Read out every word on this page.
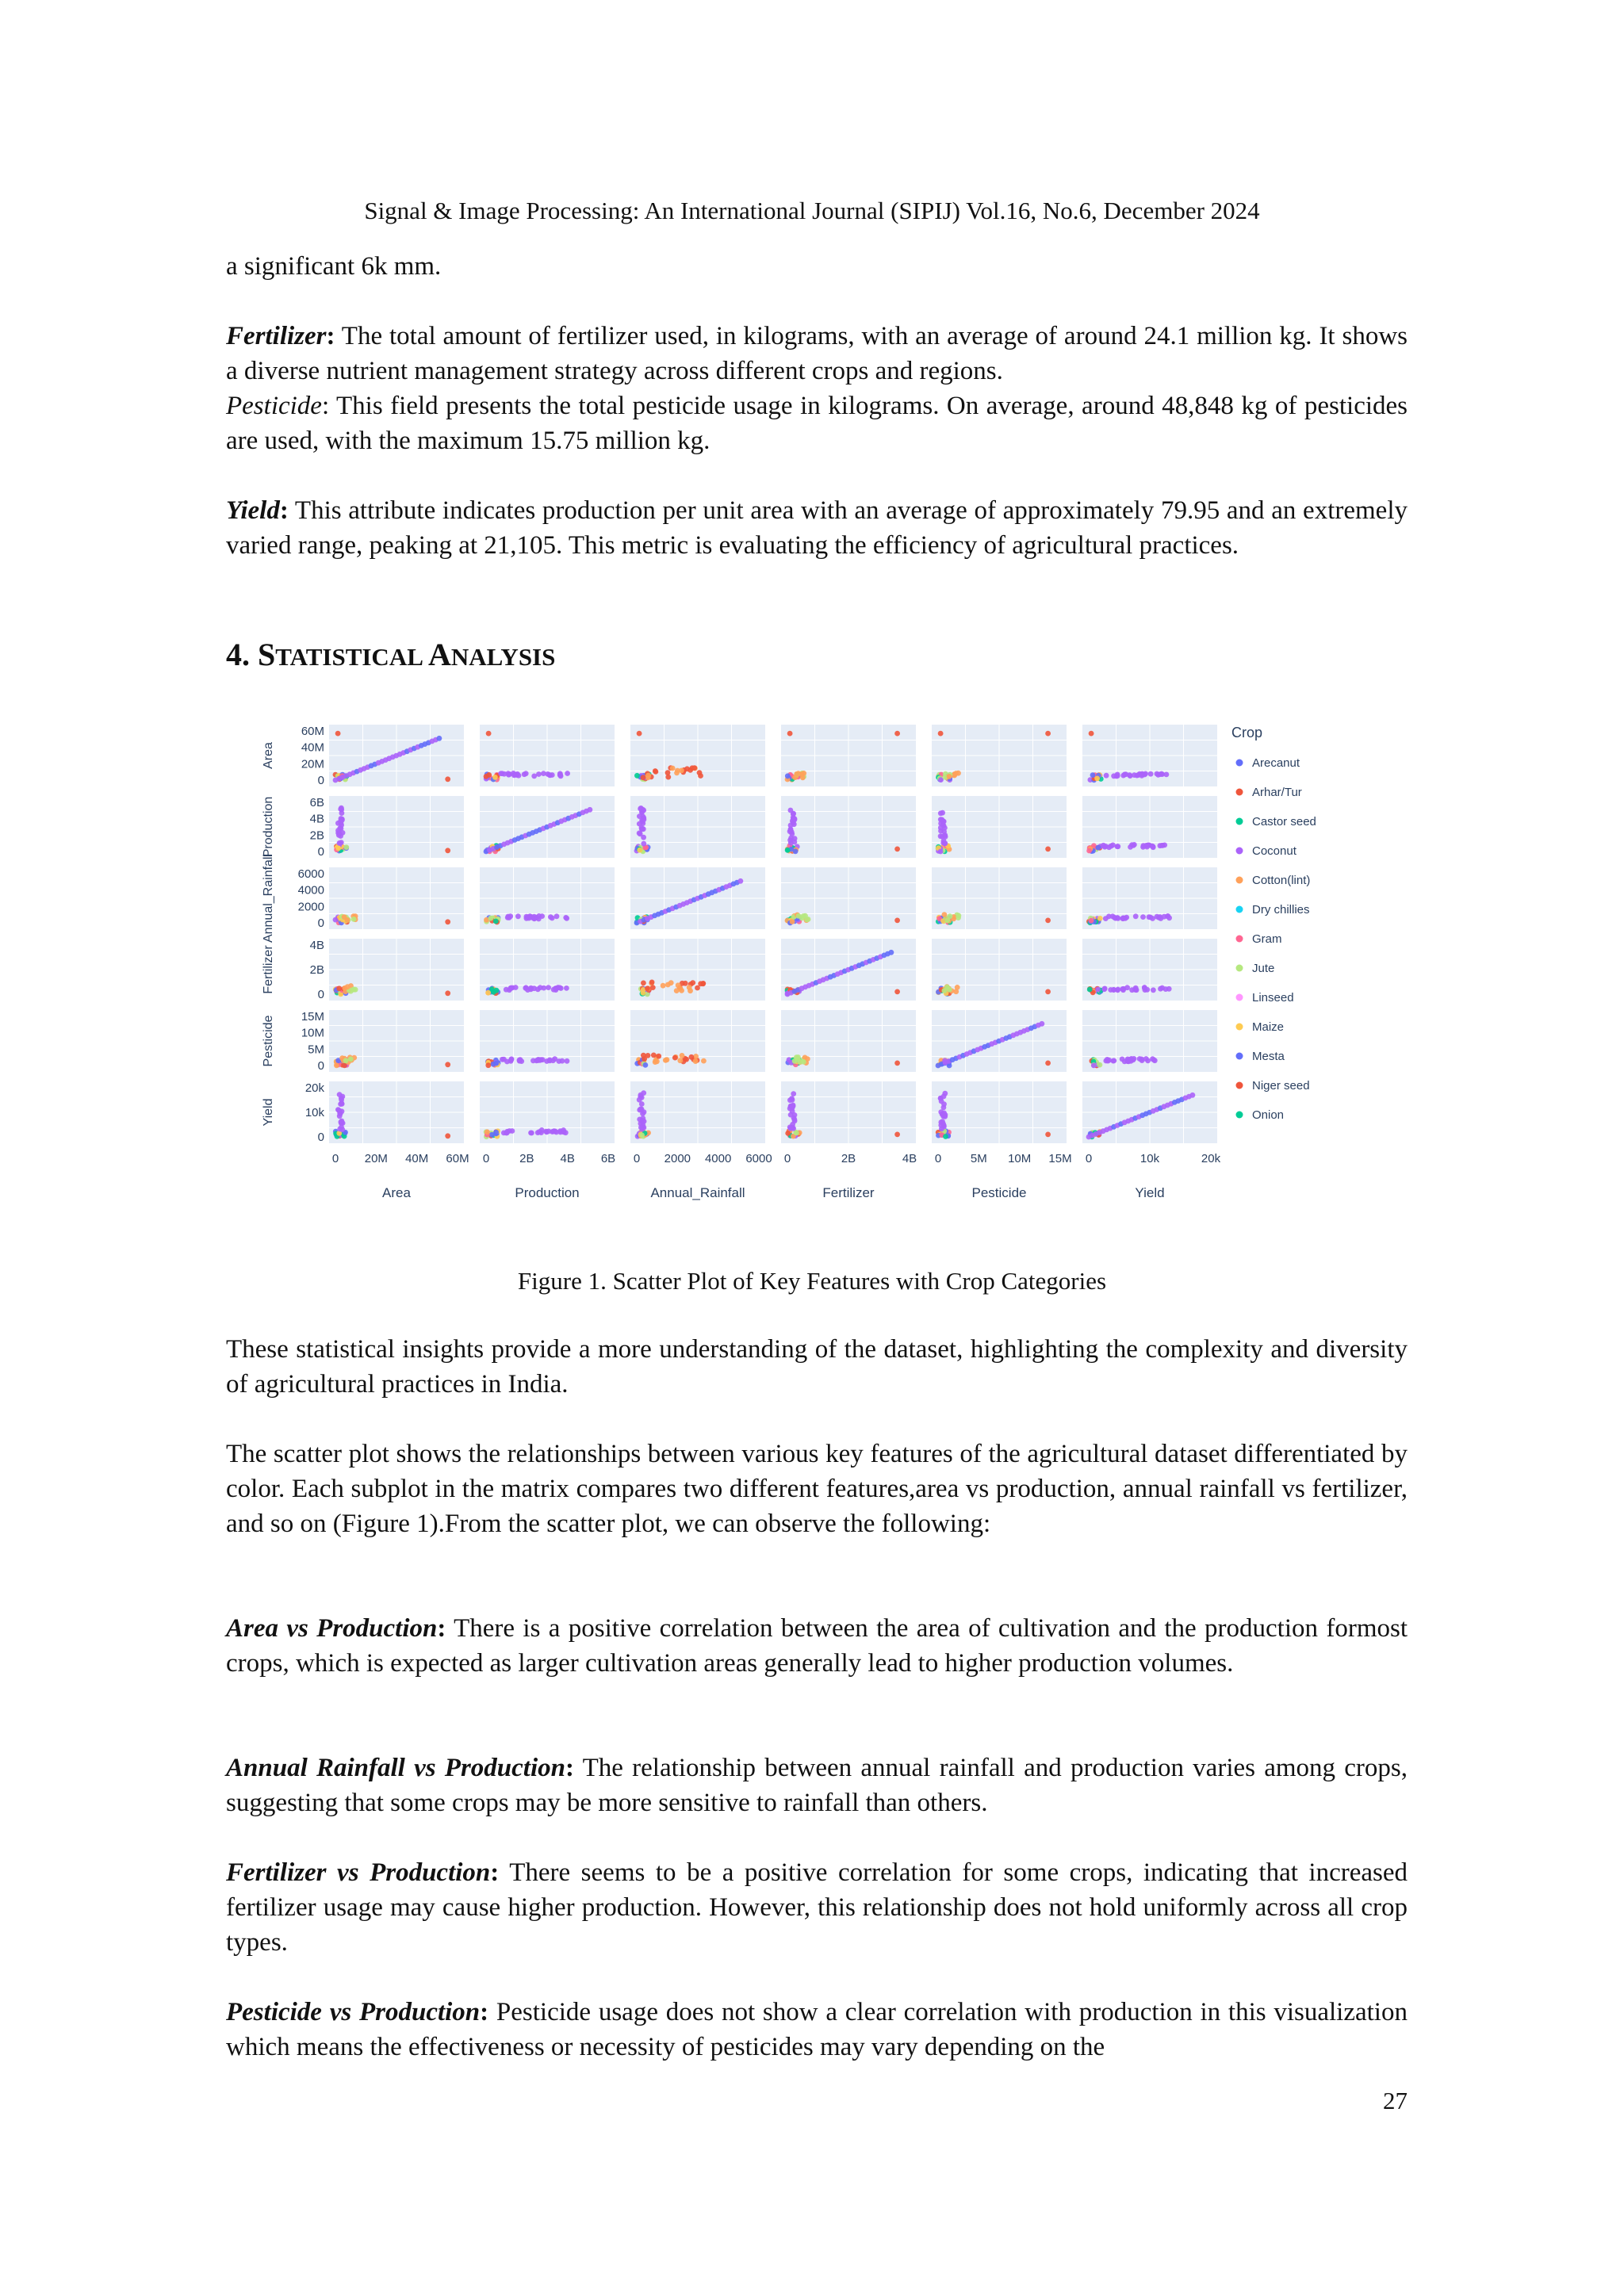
Signal & Image Processing: An International Journal (SIPIJ) Vol.16, No.6, December 2024

a significant 6k mm.

Fertilizer: The total amount of fertilizer used, in kilograms, with an average of around 24.1 million kg. It shows a diverse nutrient management strategy across different crops and regions.

Pesticide: This field presents the total pesticide usage in kilograms. On average, around 48,848 kg of pesticides are used, with the maximum 15.75 million kg.

Yield: This attribute indicates production per unit area with an average of approximately 79.95 and an extremely varied range, peaking at 21,105. This metric is evaluating the efficiency of agricultural practices.

4. STATISTICAL ANALYSIS
60M
40M
20M
0
6B
4B
2B
0
6000
4000
2000
0
4B
2B
0
15M
10M
5M
0
20k
10k
0
Area
Production
Annual_Rainfall
Fertilizer
Pesticide
Yield
0 20M 40M 60M
Area
0	2B 4B 6B
Production
0 2000 4000 6000
Annual_Rainfall
0	2B	4B
Fertilizer
0 5M 10M 15M
Pesticide
0	10k	20k
Yield
Crop
Arecanut
Arhar/Tur
Castor seed
Coconut
Cotton(lint)
Dry chillies
Gram
Jute
Linseed
Maize
Mesta
Niger seed
Onion
Figure 1. Scatter Plot of Key Features with Crop Categories

These statistical insights provide a more understanding of the dataset, highlighting the complexity and diversity of agricultural practices in India.

The scatter plot shows the relationships between various key features of the agricultural dataset differentiated by color. Each subplot in the matrix compares two different features,area vs production, annual rainfall vs fertilizer, and so on (Figure 1).From the scatter plot, we can observe the following:

Area vs Production: There is a positive correlation between the area of cultivation and the production formost crops, which is expected as larger cultivation areas generally lead to higher production volumes.

Annual Rainfall vs Production: The relationship between annual rainfall and production varies among crops, suggesting that some crops may be more sensitive to rainfall than others.

Fertilizer vs Production: There seems to be a positive correlation for some crops, indicating that increased fertilizer usage may cause higher production. However, this relationship does not hold uniformly across all crop types.

Pesticide vs Production: Pesticide usage does not show a clear correlation with production in this visualization which means the effectiveness or necessity of pesticides may vary depending on the

27
